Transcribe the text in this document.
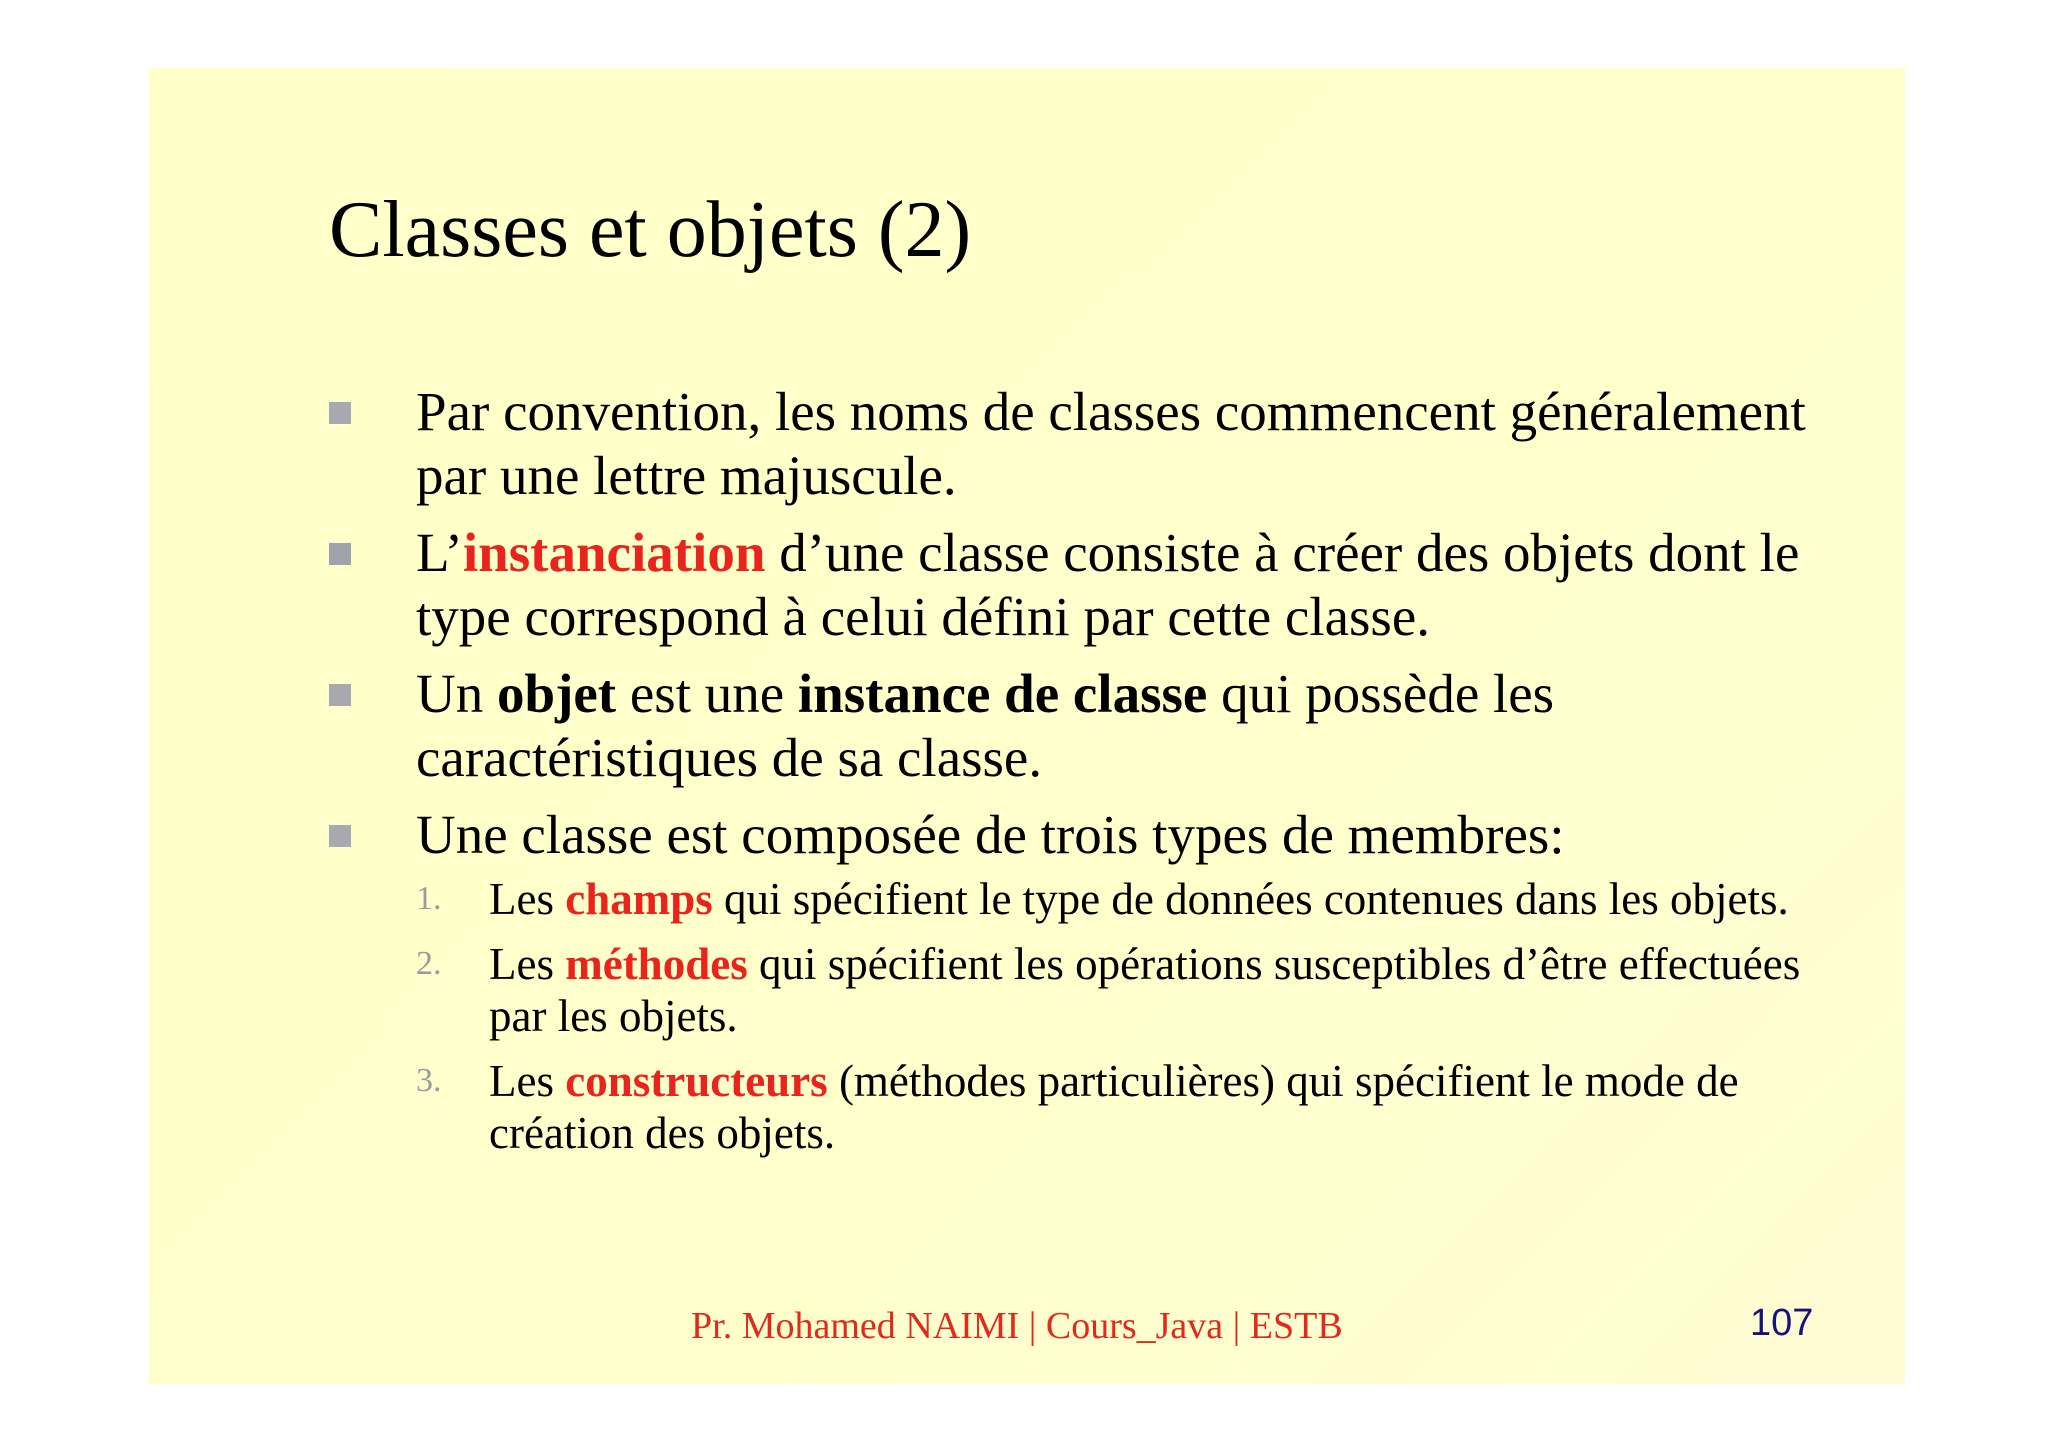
Classes et objets (2)
Par convention, les noms de classes commencent généralement par une lettre majuscule.
L’instanciation d’une classe consiste à créer des objets dont le type correspond à celui défini par cette classe.
Un objet est une instance de classe qui possède les caractéristiques de sa classe.
Une classe est composée de trois types de membres:
1. Les champs qui spécifient le type de données contenues dans les objets.
2. Les méthodes qui spécifient les opérations susceptibles d’être effectuées par les objets.
3. Les constructeurs (méthodes particulières) qui spécifient le mode de création des objets.
Pr. Mohamed NAIMI | Cours_Java | ESTB	107
